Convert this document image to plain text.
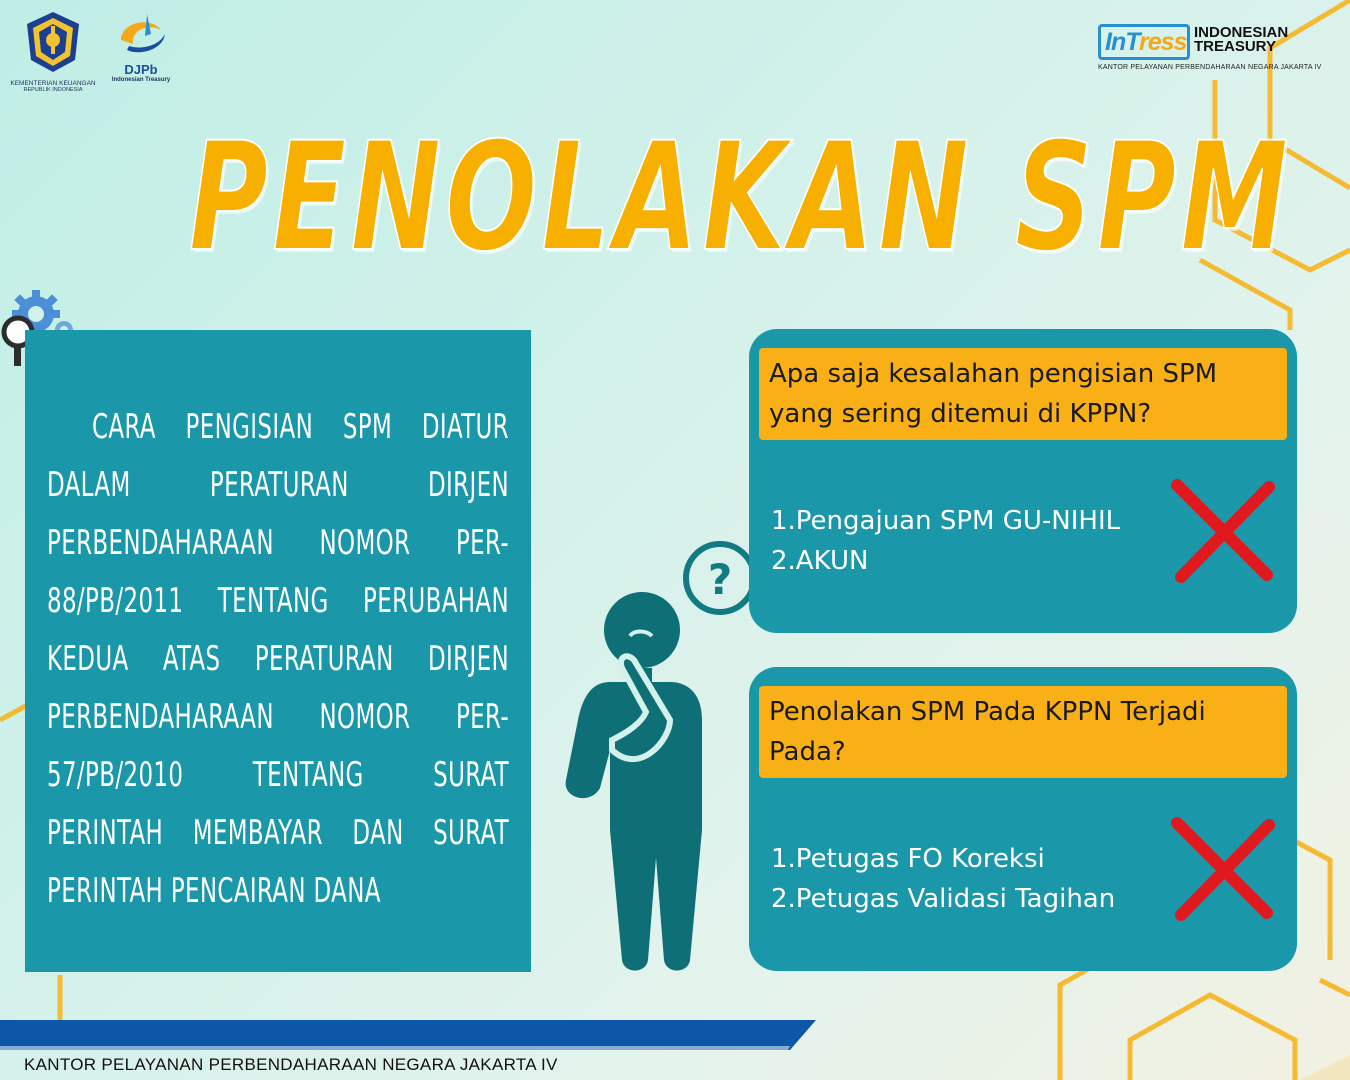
KEMENTERIAN KEUANGAN
REPUBLIK INDONESIA
DJPb
Indonesian Treasury
InTress INDONESIAN TREASURY
KANTOR PELAYANAN PERBENDAHARAAN NEGARA JAKARTA IV
PENOLAKAN SPM

CARA PENGISIAN SPM DIATUR DALAM PERATURAN DIRJEN PERBENDAHARAAN NOMOR PER-88/PB/2011 TENTANG PERUBAHAN KEDUA ATAS PERATURAN DIRJEN PERBENDAHARAAN NOMOR PER-57/PB/2010 TENTANG SURAT PERINTAH MEMBAYAR DAN SURAT PERINTAH PENCAIRAN DANA

?
Apa saja kesalahan pengisian SPM yang sering ditemui di KPPN?
1.Pengajuan SPM GU-NIHIL
2.AKUN
Penolakan SPM Pada KPPN Terjadi Pada?
1.Petugas FO Koreksi
2.Petugas Validasi Tagihan
KANTOR PELAYANAN PERBENDAHARAAN NEGARA JAKARTA IV
